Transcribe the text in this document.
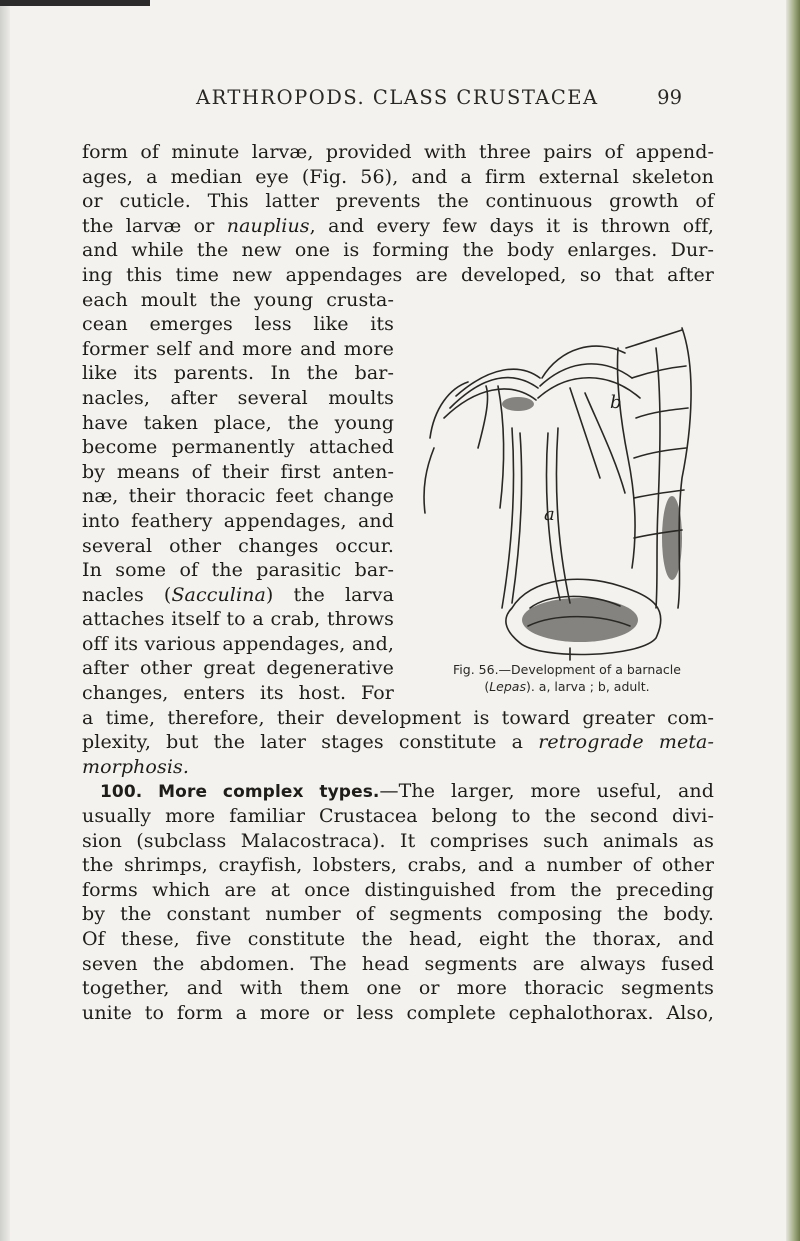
ARTHROPODS. CLASS CRUSTACEA	99
form of minute larvæ, provided with three pairs of append-
ages, a median eye (Fig. 56), and a firm external skeleton
or cuticle. This latter prevents the continuous growth of
the larvæ or nauplius, and every few days it is thrown off,
and while the new one is forming the body enlarges. Dur-
ing this time new appendages are developed, so that after
each moult the young crusta-
cean emerges less like its
former self and more and more
like its parents. In the bar-
nacles, after several moults
have taken place, the young
become permanently attached
by means of their first anten-
næ, their thoracic feet change
into feathery appendages, and
several other changes occur.
In some of the parasitic bar-
nacles (Sacculina) the larva
attaches itself to a crab, throws
off its various appendages, and,
after other great degenerative
changes, enters its host. For
a time, therefore, their development is toward greater com-
plexity, but the later stages constitute a retrograde meta-
morphosis.
100. More complex types.—The larger, more useful, and
usually more familiar Crustacea belong to the second divi-
sion (subclass Malacostraca). It comprises such animals as
the shrimps, crayfish, lobsters, crabs, and a number of other
forms which are at once distinguished from the preceding
by the constant number of segments composing the body.
Of these, five constitute the head, eight the thorax, and
seven the abdomen. The head segments are always fused
together, and with them one or more thoracic segments
unite to form a more or less complete cephalothorax. Also,
a
b
Fig. 56.—Development of a barnacle
(Lepas). a, larva ; b, adult.
